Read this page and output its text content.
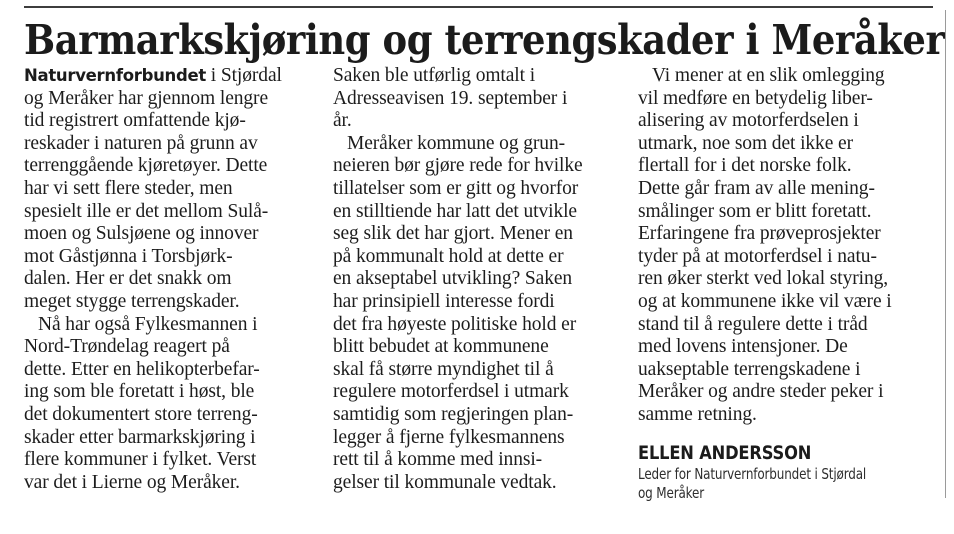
Barmarkskjøring og terrengskader i Meråker
Naturvernforbundet i Stjørdal
og Meråker har gjennom lengre
tid registrert omfattende kjø-
reskader i naturen på grunn av
terrenggående kjøretøyer. Dette
har vi sett flere steder, men
spesielt ille er det mellom Sulå-
moen og Sulsjøene og innover
mot Gåstjønna i Torsbjørk-
dalen. Her er det snakk om
meget stygge terrengskader.
Nå har også Fylkesmannen i
Nord-Trøndelag reagert på
dette. Etter en helikopterbefar-
ing som ble foretatt i høst, ble
det dokumentert store terreng-
skader etter barmarkskjøring i
flere kommuner i fylket. Verst
var det i Lierne og Meråker.
Saken ble utførlig omtalt i
Adresseavisen 19. september i
år.
Meråker kommune og grun-
neieren bør gjøre rede for hvilke
tillatelser som er gitt og hvorfor
en stilltiende har latt det utvikle
seg slik det har gjort. Mener en
på kommunalt hold at dette er
en akseptabel utvikling? Saken
har prinsipiell interesse fordi
det fra høyeste politiske hold er
blitt bebudet at kommunene
skal få større myndighet til å
regulere motorferdsel i utmark
samtidig som regjeringen plan-
legger å fjerne fylkesmannens
rett til å komme med innsi-
gelser til kommunale vedtak.
Vi mener at en slik omlegging
vil medføre en betydelig liber-
alisering av motorferdselen i
utmark, noe som det ikke er
flertall for i det norske folk.
Dette går fram av alle mening-
smålinger som er blitt foretatt.
Erfaringene fra prøveprosjekter
tyder på at motorferdsel i natu-
ren øker sterkt ved lokal styring,
og at kommunene ikke vil være i
stand til å regulere dette i tråd
med lovens intensjoner. De
uakseptable terrengskadene i
Meråker og andre steder peker i
samme retning.
ELLEN ANDERSSON
Leder for Naturvernforbundet i Stjørdal
og Meråker
